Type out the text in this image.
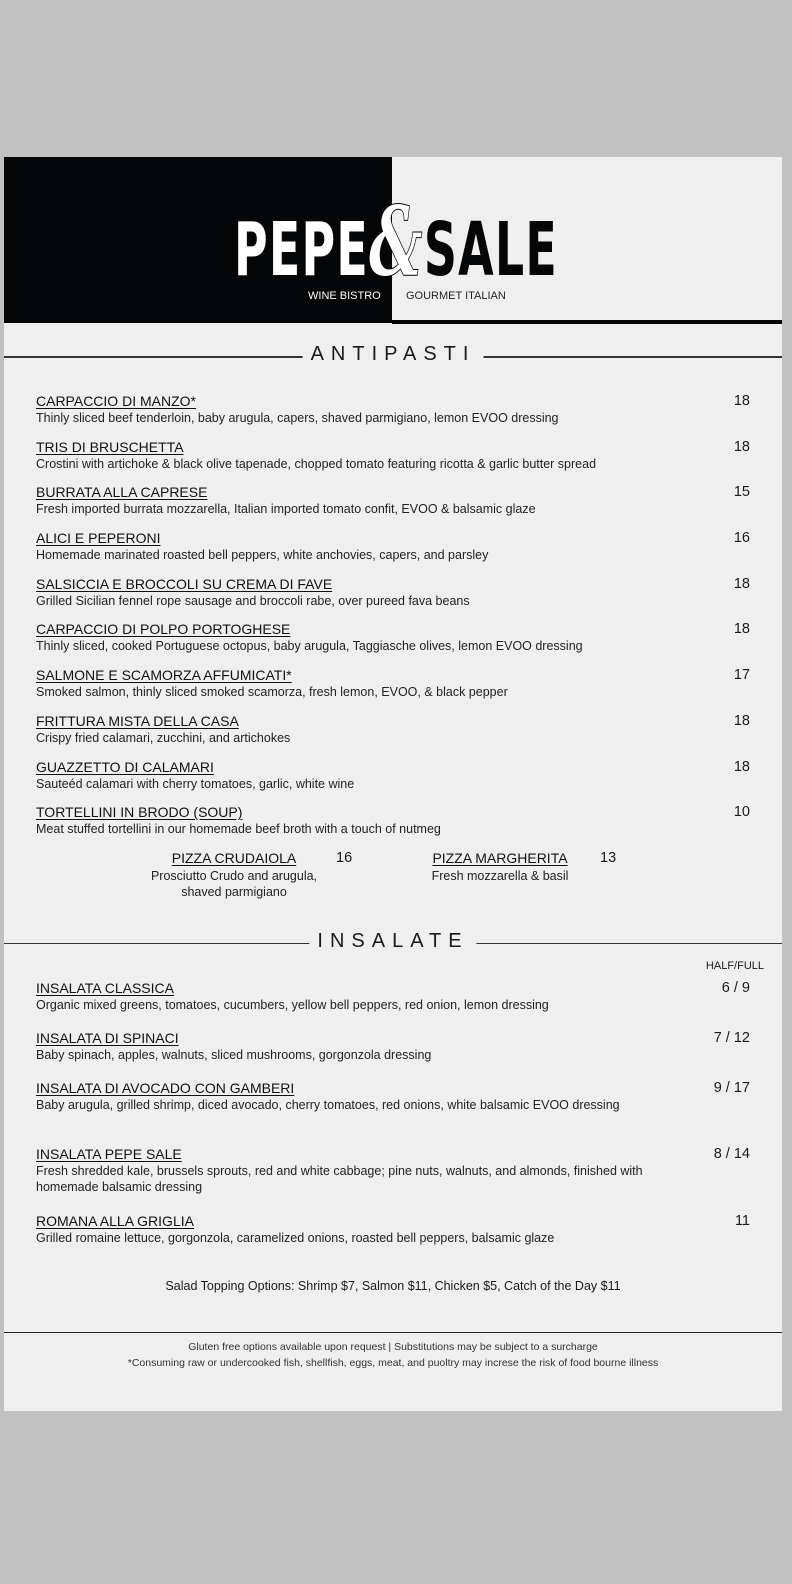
PEPE&SALE
WINE BISTRO GOURMET ITALIAN
ANTIPASTI
CARPACCIO DI MANZO*
Thinly sliced beef tenderloin, baby arugula, capers, shaved parmigiano, lemon EVOO dressing
18
TRIS DI BRUSCHETTA
Crostini with artichoke & black olive tapenade, chopped tomato featuring ricotta & garlic butter spread
18
BURRATA ALLA CAPRESE
Fresh imported burrata mozzarella, Italian imported tomato confit, EVOO & balsamic glaze
15
ALICI E PEPERONI
Homemade marinated roasted bell peppers, white anchovies, capers, and parsley
16
SALSICCIA E BROCCOLI SU CREMA DI FAVE
Grilled Sicilian fennel rope sausage and broccoli rabe, over pureed fava beans
18
CARPACCIO DI POLPO PORTOGHESE
Thinly sliced, cooked Portuguese octopus, baby arugula, Taggiasche olives, lemon EVOO dressing
18
SALMONE E SCAMORZA AFFUMICATI*
Smoked salmon, thinly sliced smoked scamorza, fresh lemon, EVOO, & black pepper
17
FRITTURA MISTA DELLA CASA
Crispy fried calamari, zucchini, and artichokes
18
GUAZZETTO DI CALAMARI
Sauteéd calamari with cherry tomatoes, garlic, white wine
18
TORTELLINI IN BRODO (SOUP)
Meat stuffed tortellini in our homemade beef broth with a touch of nutmeg
10
PIZZA CRUDAIOLA	16
Prosciutto Crudo and arugula,
shaved parmigiano
PIZZA MARGHERITA 13
Fresh mozzarella & basil
INSALATE
HALF/FULL
INSALATA CLASSICA
Organic mixed greens, tomatoes, cucumbers, yellow bell peppers, red onion, lemon dressing
6 / 9
INSALATA DI SPINACI
Baby spinach, apples, walnuts, sliced mushrooms, gorgonzola dressing
7 / 12
INSALATA DI AVOCADO CON GAMBERI
Baby arugula, grilled shrimp, diced avocado, cherry tomatoes, red onions, white balsamic EVOO dressing
9 / 17
INSALATA PEPE SALE
Fresh shredded kale, brussels sprouts, red and white cabbage; pine nuts, walnuts, and almonds, finished with homemade balsamic dressing
8 / 14
ROMANA ALLA GRIGLIA
Grilled romaine lettuce, gorgonzola, caramelized onions, roasted bell peppers, balsamic glaze
11
Salad Topping Options: Shrimp $7, Salmon $11, Chicken $5, Catch of the Day $11
Gluten free options available upon request | Substitutions may be subject to a surcharge
*Consuming raw or undercooked fish, shellfish, eggs, meat, and puoltry may increse the risk of food bourne illness
